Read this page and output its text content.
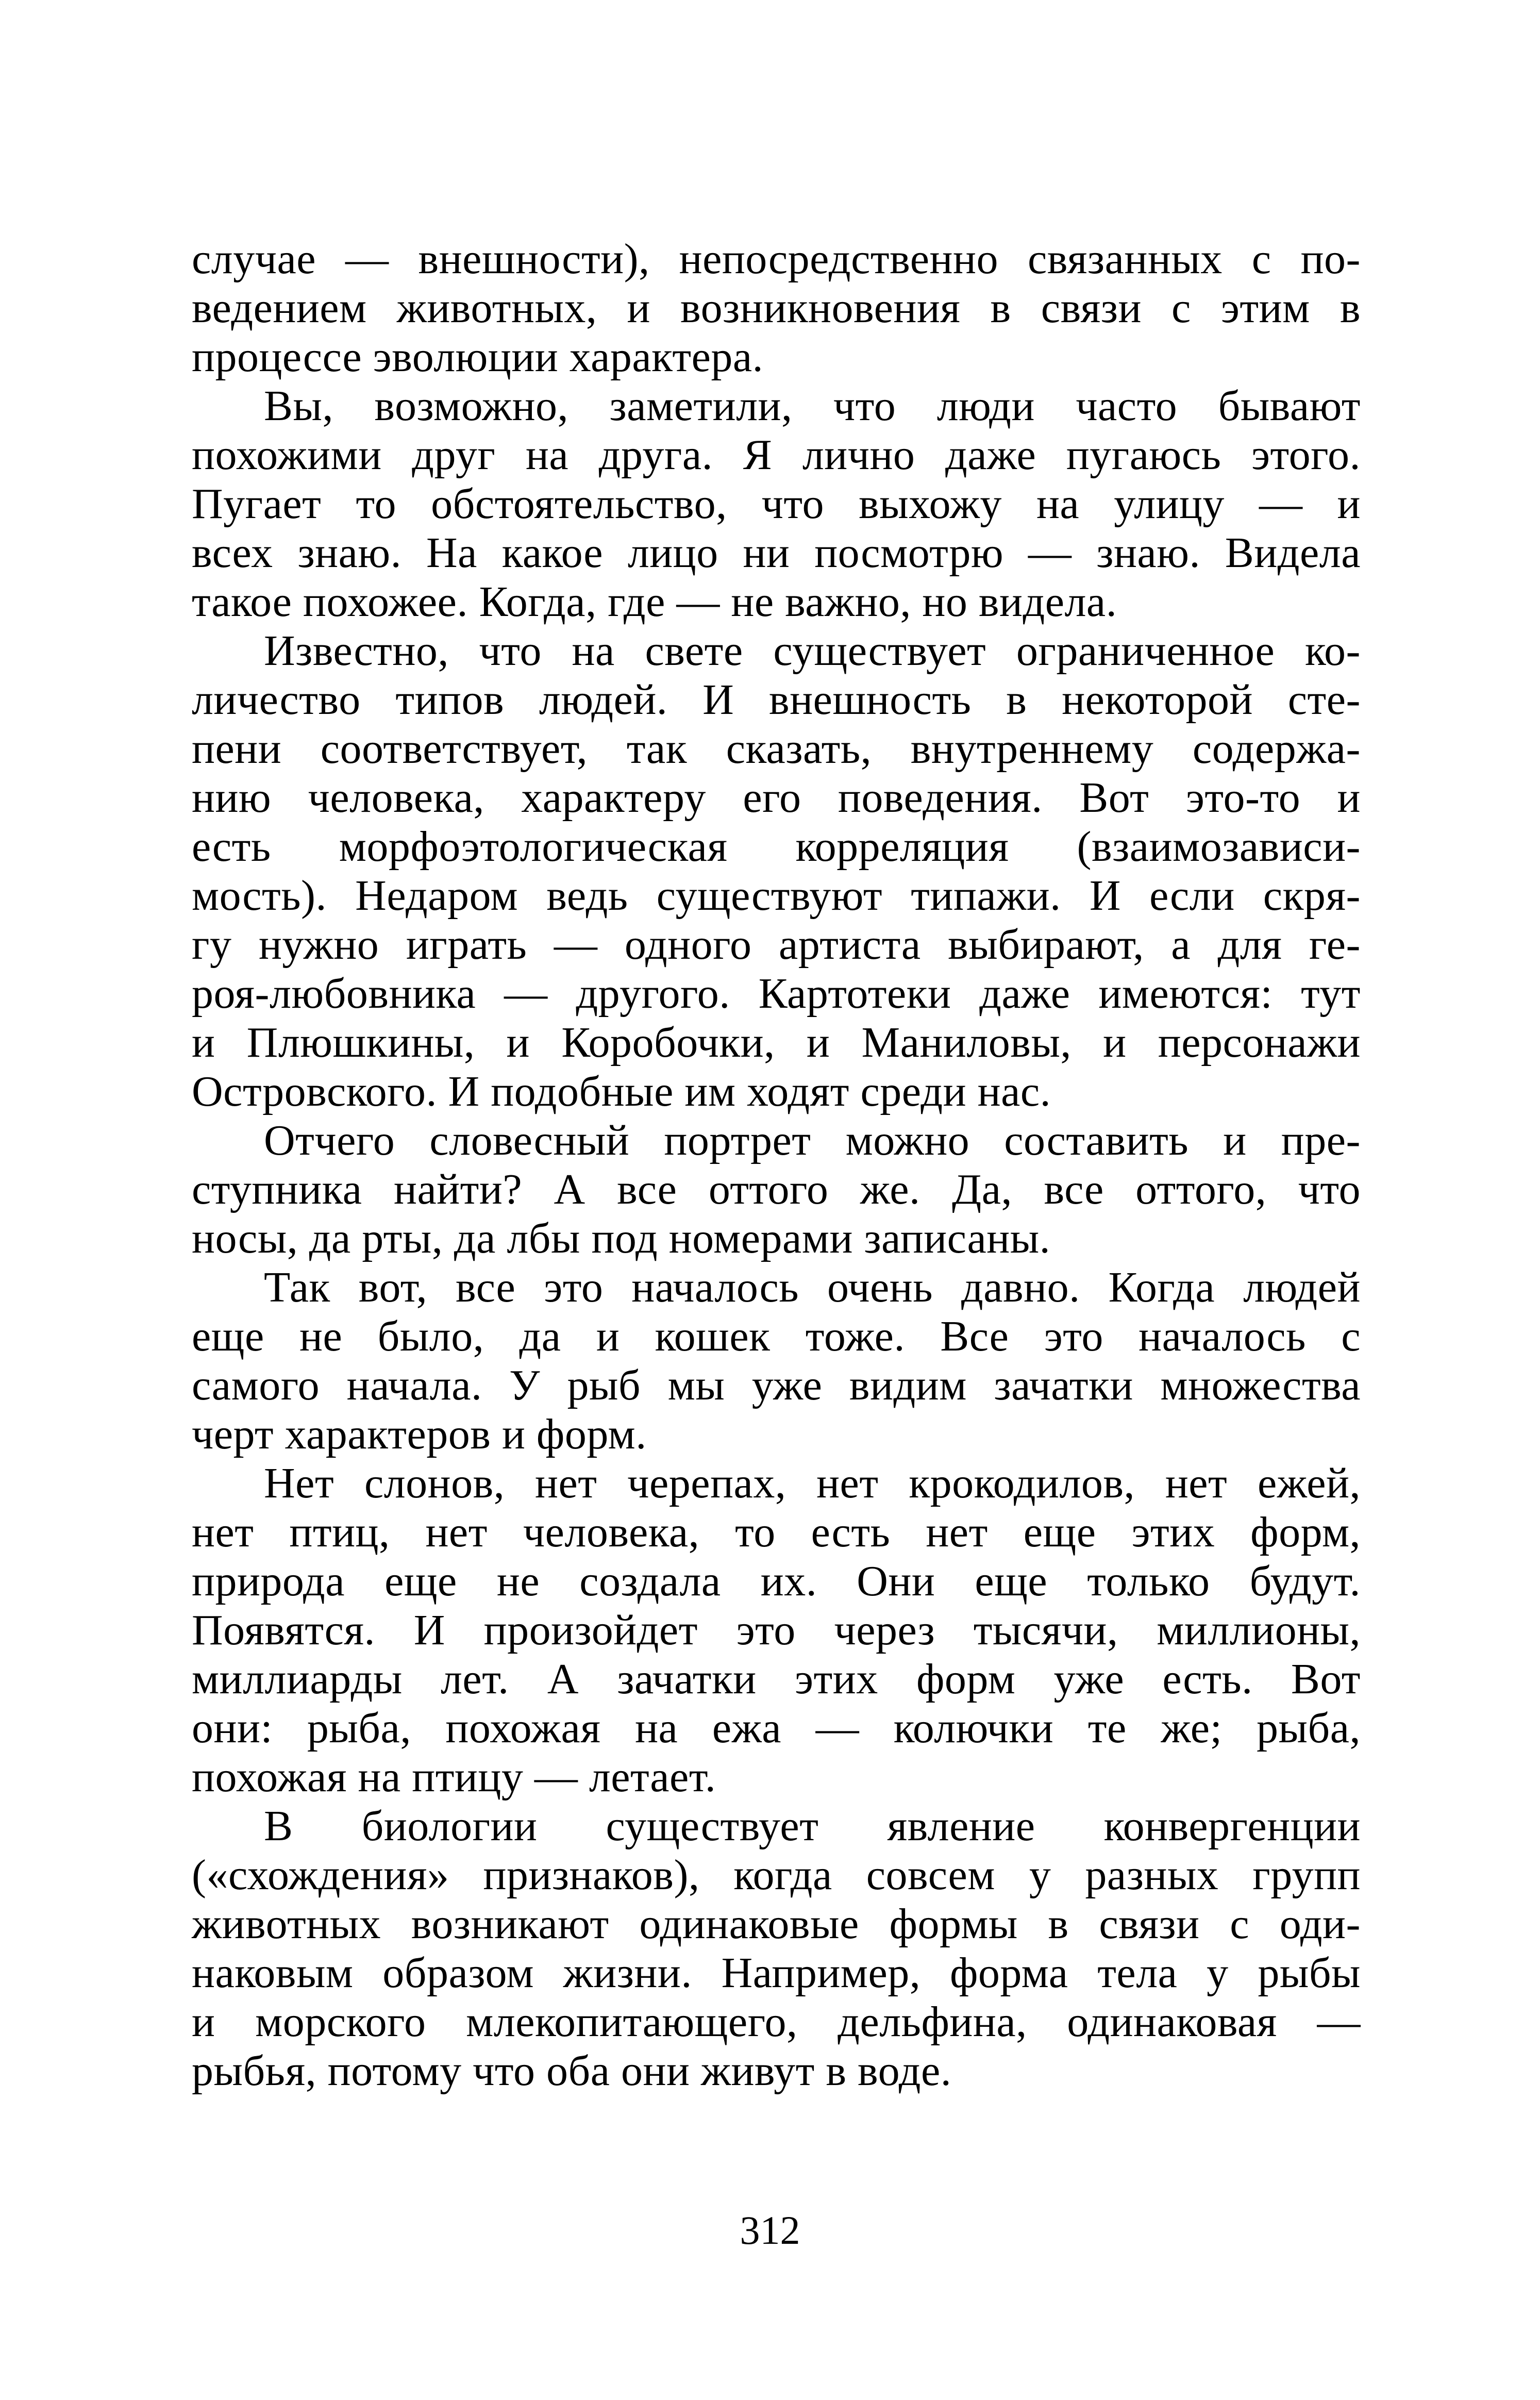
случае — внешности), непосредственно связанных с по-
ведением животных, и возникновения в связи с этим в
процессе эволюции характера.
Вы, возможно, заметили, что люди часто бывают
похожими друг на друга. Я лично даже пугаюсь этого.
Пугает то обстоятельство, что выхожу на улицу — и
всех знаю. На какое лицо ни посмотрю — знаю. Видела
такое похожее. Когда, где — не важно, но видела.
Известно, что на свете существует ограниченное ко-
личество типов людей. И внешность в некоторой сте-
пени соответствует, так сказать, внутреннему содержа-
нию человека, характеру его поведения. Вот это-то и
есть морфоэтологическая корреляция (взаимозависи-
мость). Недаром ведь существуют типажи. И если скря-
гу нужно играть — одного артиста выбирают, а для ге-
роя-любовника — другого. Картотеки даже имеются: тут
и Плюшкины, и Коробочки, и Маниловы, и персонажи
Островского. И подобные им ходят среди нас.
Отчего словесный портрет можно составить и пре-
ступника найти? А все оттого же. Да, все оттого, что
носы, да рты, да лбы под номерами записаны.
Так вот, все это началось очень давно. Когда людей
еще не было, да и кошек тоже. Все это началось с
самого начала. У рыб мы уже видим зачатки множества
черт характеров и форм.
Нет слонов, нет черепах, нет крокодилов, нет ежей,
нет птиц, нет человека, то есть нет еще этих форм,
природа еще не создала их. Они еще только будут.
Появятся. И произойдет это через тысячи, миллионы,
миллиарды лет. А зачатки этих форм уже есть. Вот
они: рыба, похожая на ежа — колючки те же; рыба,
похожая на птицу — летает.
В биологии существует явление конвергенции
(«схождения» признаков), когда совсем у разных групп
животных возникают одинаковые формы в связи с оди-
наковым образом жизни. Например, форма тела у рыбы
и морского млекопитающего, дельфина, одинаковая —
рыбья, потому что оба они живут в воде.
312
